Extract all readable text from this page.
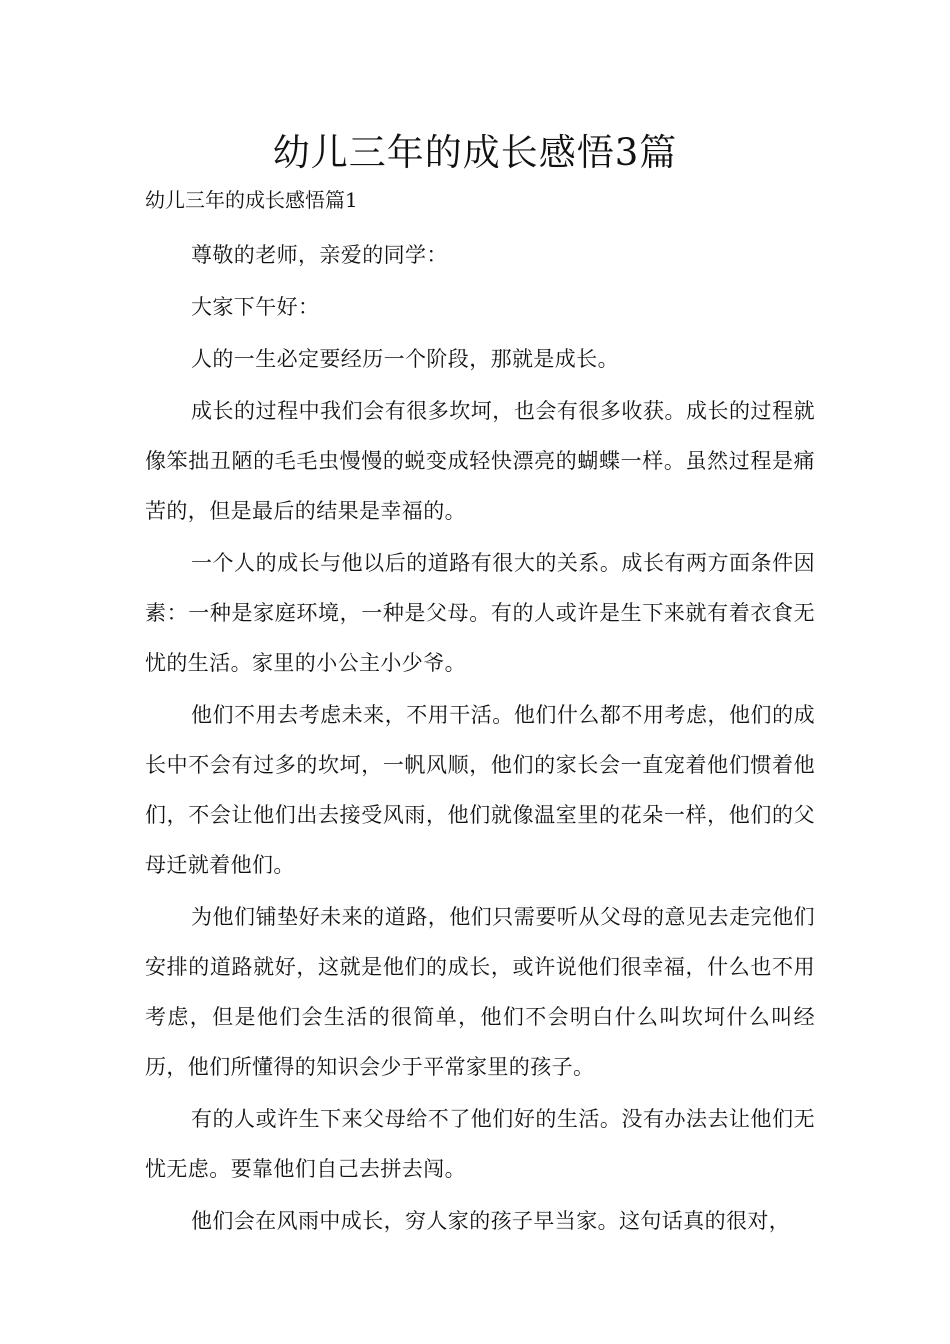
幼儿三年的成长感悟3篇

幼儿三年的成长感悟篇1

尊敬的老师，亲爱的同学：

大家下午好：

人的一生必定要经历一个阶段，那就是成长。

成长的过程中我们会有很多坎坷，也会有很多收获。成长的过程就像笨拙丑陋的毛毛虫慢慢的蜕变成轻快漂亮的蝴蝶一样。虽然过程是痛苦的，但是最后的结果是幸福的。

一个人的成长与他以后的道路有很大的关系。成长有两方面条件因素：一种是家庭环境，一种是父母。有的人或许是生下来就有着衣食无忧的生活。家里的小公主小少爷。

他们不用去考虑未来，不用干活。他们什么都不用考虑，他们的成长中不会有过多的坎坷，一帆风顺，他们的家长会一直宠着他们惯着他们，不会让他们出去接受风雨，他们就像温室里的花朵一样，他们的父母迁就着他们。

为他们铺垫好未来的道路，他们只需要听从父母的意见去走完他们安排的道路就好，这就是他们的成长，或许说他们很幸福，什么也不用考虑，但是他们会生活的很简单，他们不会明白什么叫坎坷什么叫经历，他们所懂得的知识会少于平常家里的孩子。

有的人或许生下来父母给不了他们好的生活。没有办法去让他们无忧无虑。要靠他们自己去拼去闯。

他们会在风雨中成长，穷人家的孩子早当家。这句话真的很对，
